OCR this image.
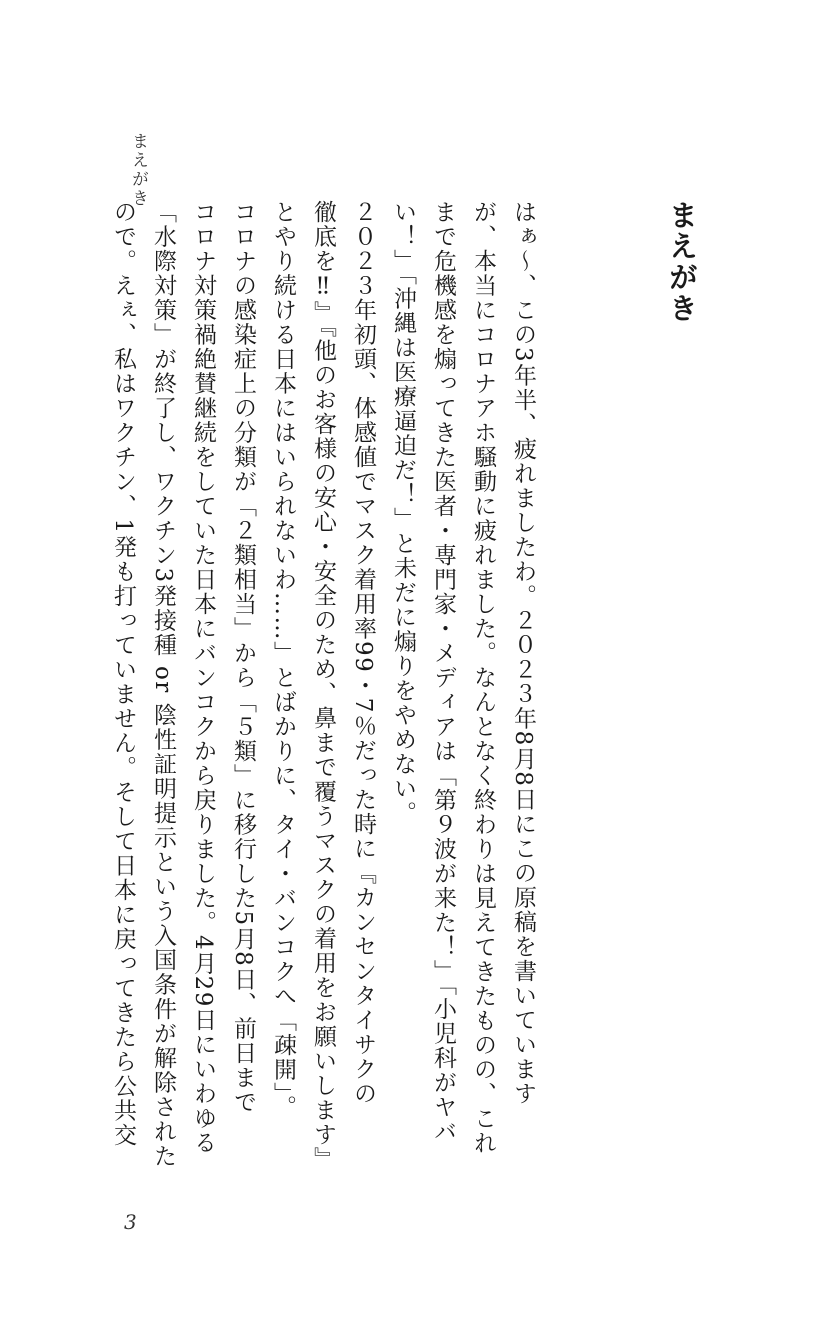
まえがき
はぁ〜、この3年半、疲れましたわ。２０２３年8月8日にこの原稿を書いています
が、本当にコロナアホ騒動に疲れました。なんとなく終わりは見えてきたものの、これ
まで危機感を煽ってきた医者・専門家・メディアは「第９波が来た！」「小児科がヤバ
い！」「沖縄は医療逼迫だ！」と未だに煽りをやめない。
２０２３年初頭、体感値でマスク着用率99・7％だった時に『カンセンタイサクの
徹底を‼』『他のお客様の安心・安全のため、鼻まで覆うマスクの着用をお願いします』
とやり続ける日本にはいられないわ……」とばかりに、タイ・バンコクへ「疎開」。
コロナの感染症上の分類が「２類相当」から「５類」に移行した5月8日、前日まで
コロナ対策禍絶賛継続をしていた日本にバンコクから戻りました。4月29日にいわゆる
「水際対策」が終了し、ワクチン3発接種 or 陰性証明提示という入国条件が解除された
ので。えぇ、私はワクチン、1発も打っていません。そして日本に戻ってきたら公共交
まえがき
3
